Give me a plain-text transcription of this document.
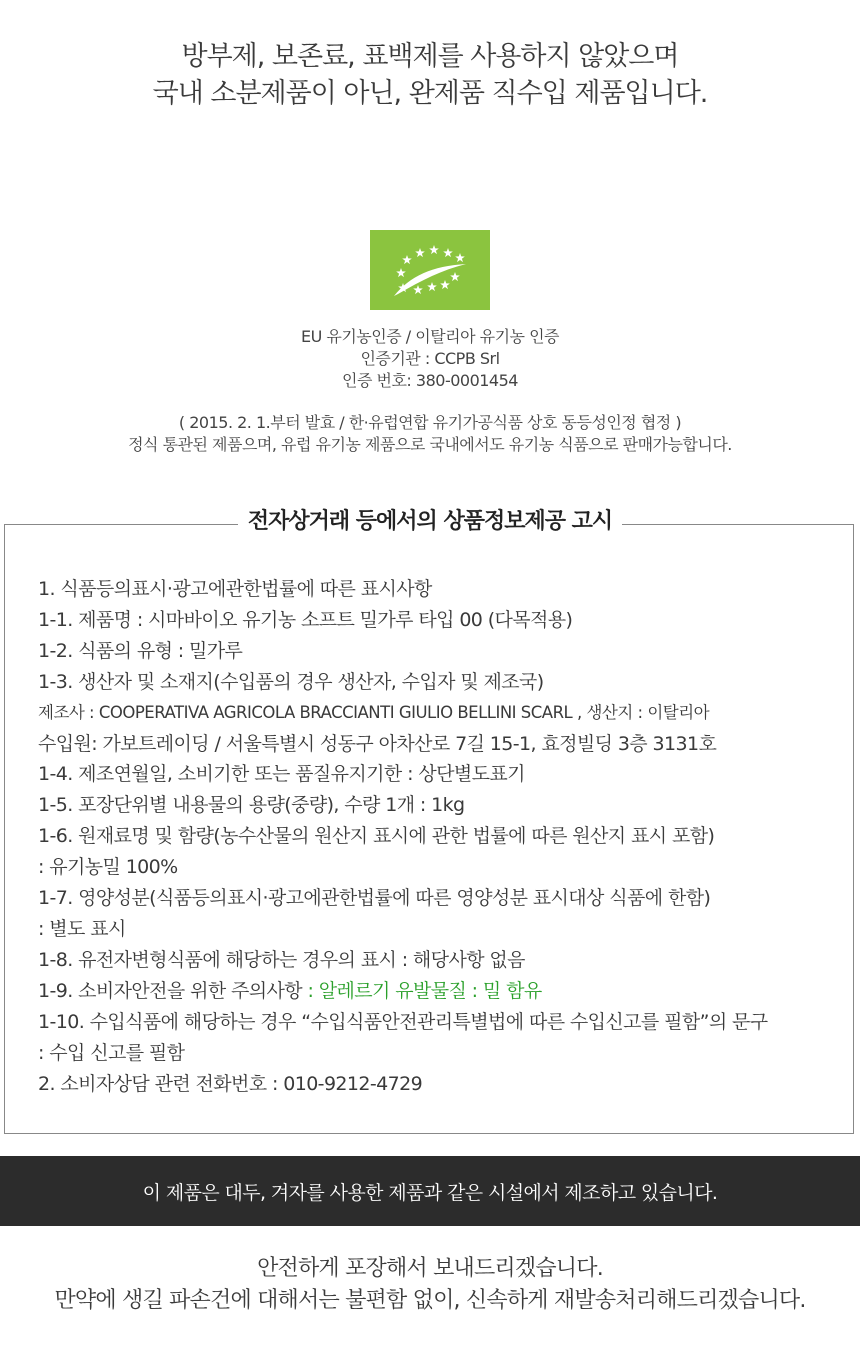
방부제, 보존료, 표백제를 사용하지 않았으며
국내 소분제품이 아닌, 완제품 직수입 제품입니다.
EU 유기농인증 / 이탈리아 유기농 인증
인증기관 : CCPB Srl
인증 번호: 380-0001454
( 2015. 2. 1.부터 발효 / 한·유럽연합 유기가공식품 상호 동등성인정 협정 )
정식 통관된 제품으며, 유럽 유기농 제품으로 국내에서도 유기농 식품으로 판매가능합니다.
전자상거래 등에서의 상품정보제공 고시
1. 식품등의표시·광고에관한법률에 따른 표시사항
1-1. 제품명 : 시마바이오 유기농 소프트 밀가루 타입 00 (다목적용)
1-2. 식품의 유형 : 밀가루
1-3. 생산자 및 소재지(수입품의 경우 생산자, 수입자 및 제조국)
제조사 : COOPERATIVA AGRICOLA BRACCIANTI GIULIO BELLINI SCARL , 생산지 : 이탈리아
수입원: 가보트레이딩 / 서울특별시 성동구 아차산로 7길 15-1, 효정빌딩 3층 3131호
1-4. 제조연월일, 소비기한 또는 품질유지기한 : 상단별도표기
1-5. 포장단위별 내용물의 용량(중량), 수량 1개 : 1kg
1-6. 원재료명 및 함량(농수산물의 원산지 표시에 관한 법률에 따른 원산지 표시 포함)
: 유기농밀 100%
1-7. 영양성분(식품등의표시·광고에관한법률에 따른 영양성분 표시대상 식품에 한함)
: 별도 표시
1-8. 유전자변형식품에 해당하는 경우의 표시 : 해당사항 없음
1-9. 소비자안전을 위한 주의사항 : 알레르기 유발물질 : 밀 함유
1-10. 수입식품에 해당하는 경우 “수입식품안전관리특별법에 따른 수입신고를 필함”의 문구
: 수입 신고를 필함
2. 소비자상담 관련 전화번호 : 010-9212-4729
이 제품은 대두, 겨자를 사용한 제품과 같은 시설에서 제조하고 있습니다.
안전하게 포장해서 보내드리겠습니다.
만약에 생길 파손건에 대해서는 불편함 없이, 신속하게 재발송처리해드리겠습니다.
